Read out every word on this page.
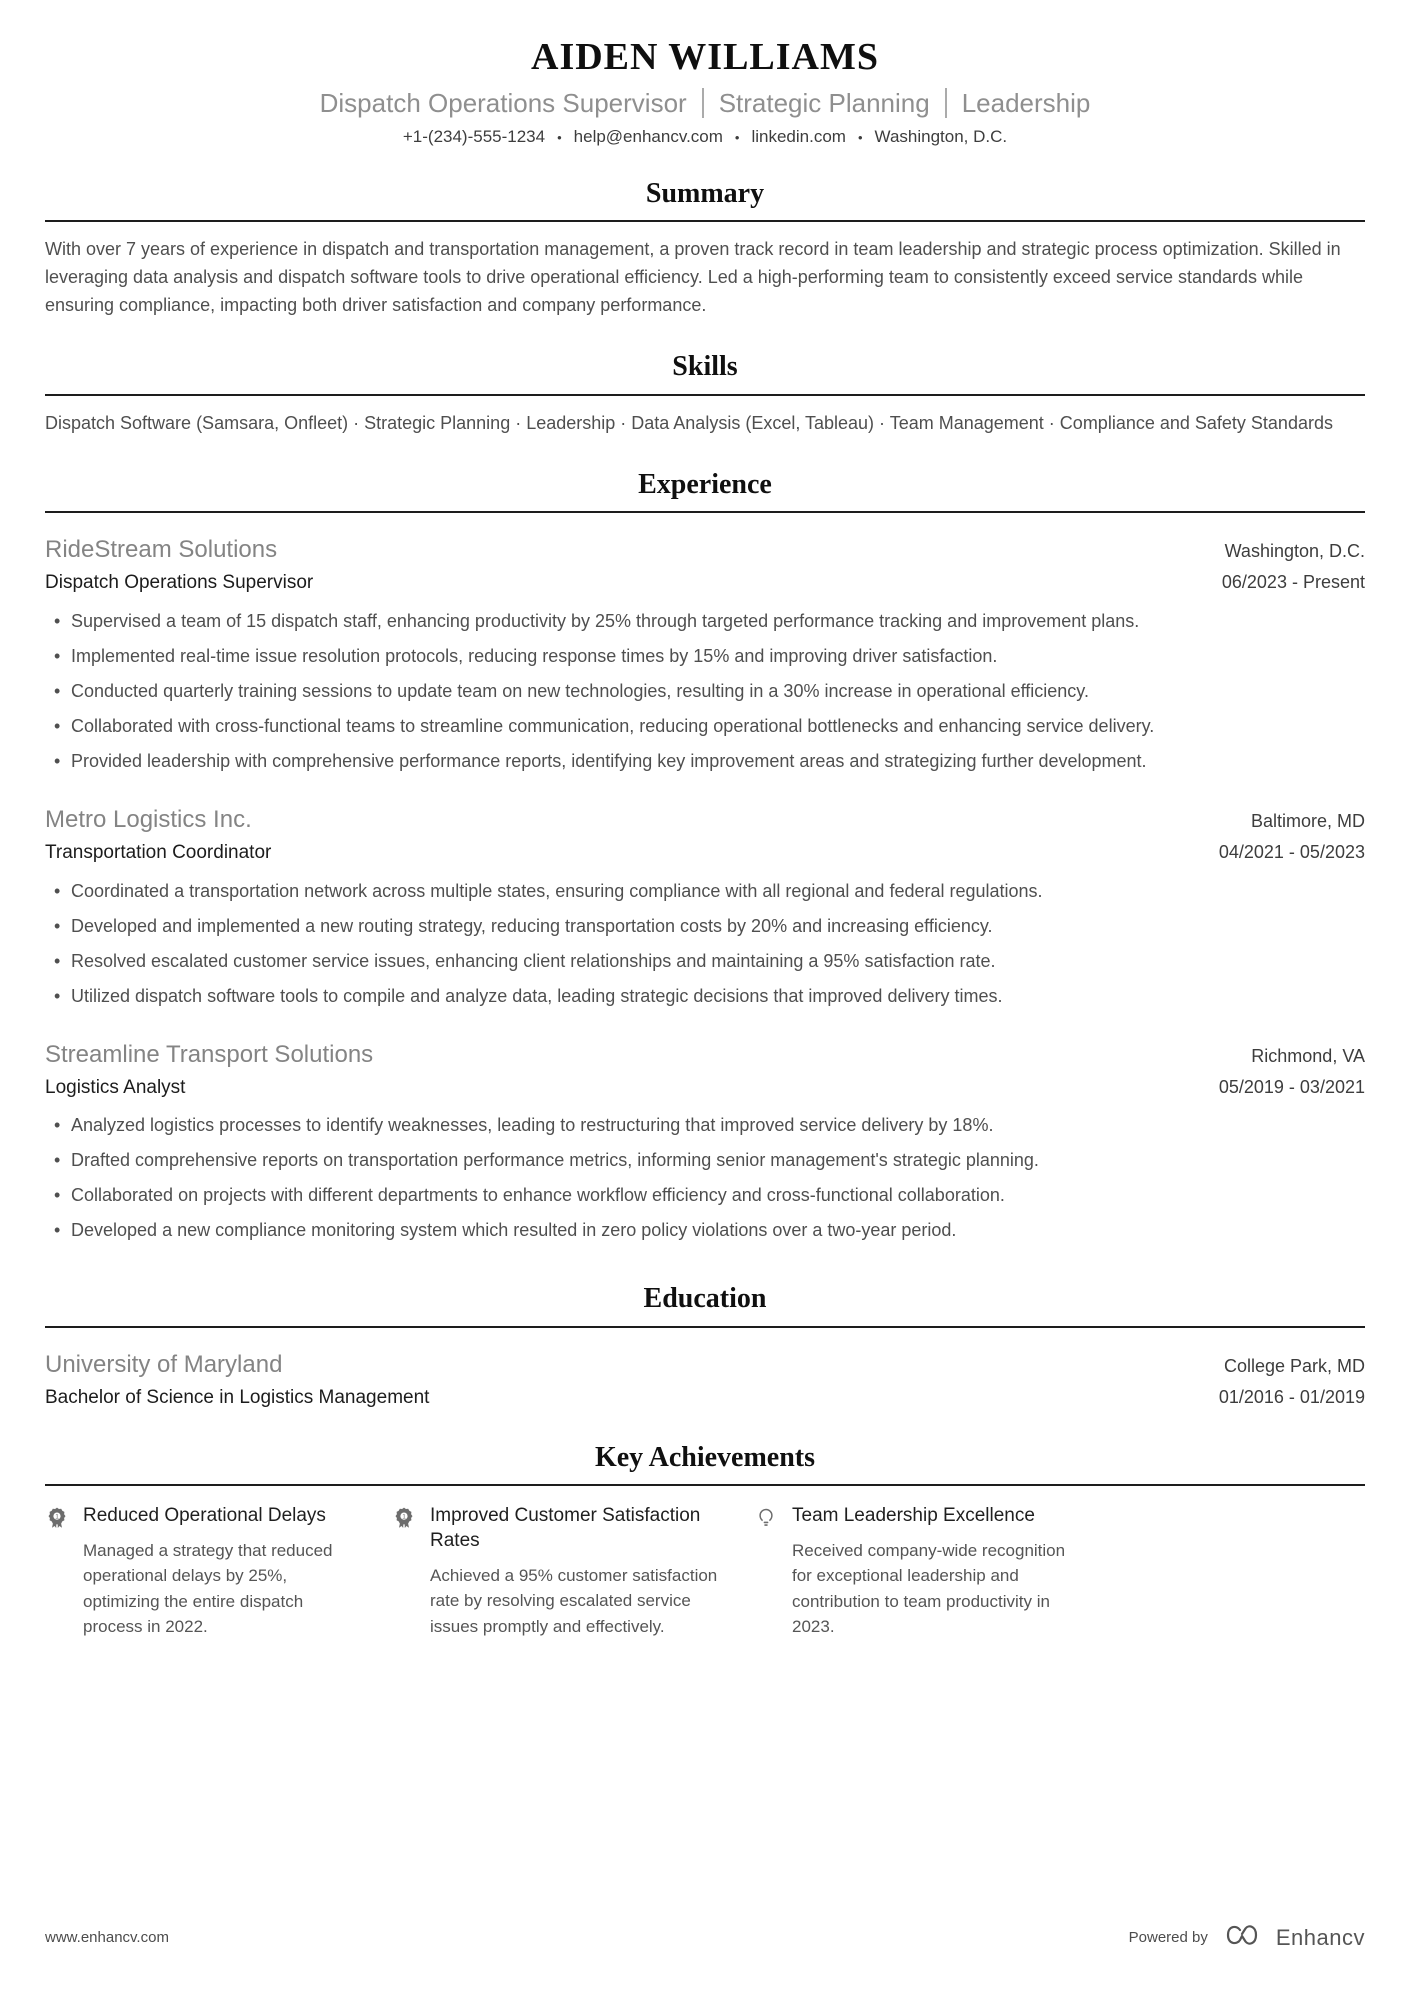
AIDEN WILLIAMS
Dispatch Operations Supervisor Strategic Planning Leadership
+1-(234)-555-1234 • help@enhancv.com • linkedin.com • Washington, D.C.
Summary
With over 7 years of experience in dispatch and transportation management, a proven track record in team leadership and strategic process optimization. Skilled in leveraging data analysis and dispatch software tools to drive operational efficiency. Led a high-performing team to consistently exceed service standards while ensuring compliance, impacting both driver satisfaction and company performance.
Skills
Dispatch Software (Samsara, Onfleet) · Strategic Planning · Leadership · Data Analysis (Excel, Tableau) · Team Management · Compliance and Safety Standards
Experience
RideStream Solutions	Washington, D.C.
Dispatch Operations Supervisor	06/2023 - Present
• Supervised a team of 15 dispatch staff, enhancing productivity by 25% through targeted performance tracking and improvement plans.
• Implemented real-time issue resolution protocols, reducing response times by 15% and improving driver satisfaction.
• Conducted quarterly training sessions to update team on new technologies, resulting in a 30% increase in operational efficiency.
• Collaborated with cross-functional teams to streamline communication, reducing operational bottlenecks and enhancing service delivery.
• Provided leadership with comprehensive performance reports, identifying key improvement areas and strategizing further development.
Metro Logistics Inc.	Baltimore, MD
Transportation Coordinator	04/2021 - 05/2023
• Coordinated a transportation network across multiple states, ensuring compliance with all regional and federal regulations.
• Developed and implemented a new routing strategy, reducing transportation costs by 20% and increasing efficiency.
• Resolved escalated customer service issues, enhancing client relationships and maintaining a 95% satisfaction rate.
• Utilized dispatch software tools to compile and analyze data, leading strategic decisions that improved delivery times.
Streamline Transport Solutions	Richmond, VA
Logistics Analyst	05/2019 - 03/2021
• Analyzed logistics processes to identify weaknesses, leading to restructuring that improved service delivery by 18%.
• Drafted comprehensive reports on transportation performance metrics, informing senior management's strategic planning.
• Collaborated on projects with different departments to enhance workflow efficiency and cross-functional collaboration.
• Developed a new compliance monitoring system which resulted in zero policy violations over a two-year period.
Education
University of Maryland	College Park, MD
Bachelor of Science in Logistics Management	01/2016 - 01/2019
Key Achievements
1 Reduced Operational Delays
Managed a strategy that reduced operational delays by 25%, optimizing the entire dispatch process in 2022.
1 Improved Customer Satisfaction Rates
Achieved a 95% customer satisfaction rate by resolving escalated service issues promptly and effectively.
Team Leadership Excellence
Received company-wide recognition for exceptional leadership and contribution to team productivity in 2023.
www.enhancv.com	Powered by	Enhancv
